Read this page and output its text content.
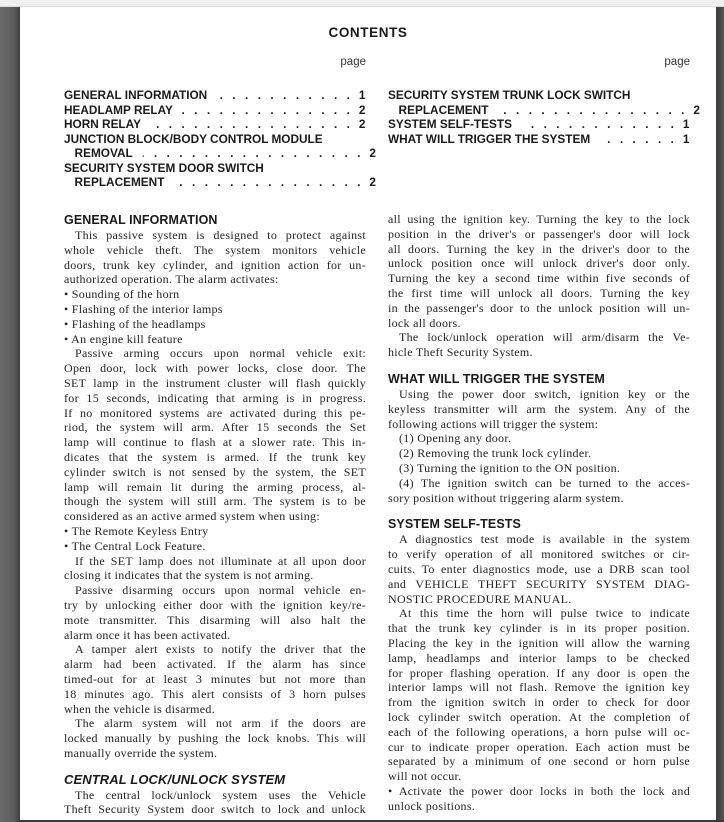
CONTENTS
page	page
GENERAL INFORMATION . . .	1
HEADLAMP RELAY . . .	2
HORN RELAY . . .	2
JUNCTION BLOCK/BODY CONTROL MODULE
REMOVAL . . .	2
SECURITY SYSTEM DOOR SWITCH
REPLACEMENT . . .	2
SECURITY SYSTEM TRUNK LOCK SWITCH
REPLACEMENT . . .	2
SYSTEM SELF-TESTS . . .	1
WHAT WILL TRIGGER THE SYSTEM . . .	1
GENERAL INFORMATION
This passive system is designed to protect against
whole vehicle theft. The system monitors vehicle
doors, trunk key cylinder, and ignition action for un-
authorized operation. The alarm activates:
• Sounding of the horn
• Flashing of the interior lamps
• Flashing of the headlamps
• An engine kill feature
Passive arming occurs upon normal vehicle exit:
Open door, lock with power locks, close door. The
SET lamp in the instrument cluster will flash quickly
for 15 seconds, indicating that arming is in progress.
If no monitored systems are activated during this pe-
riod, the system will arm. After 15 seconds the Set
lamp will continue to flash at a slower rate. This in-
dicates that the system is armed. If the trunk key
cylinder switch is not sensed by the system, the SET
lamp will remain lit during the arming process, al-
though the system will still arm. The system is to be
considered as an active armed system when using:
• The Remote Keyless Entry
• The Central Lock Feature.
If the SET lamp does not illuminate at all upon door
closing it indicates that the system is not arming.
Passive disarming occurs upon normal vehicle en-
try by unlocking either door with the ignition key/re-
mote transmitter. This disarming will also halt the
alarm once it has been activated.
A tamper alert exists to notify the driver that the
alarm had been activated. If the alarm has since
timed-out for at least 3 minutes but not more than
18 minutes ago. This alert consists of 3 horn pulses
when the vehicle is disarmed.
The alarm system will not arm if the doors are
locked manually by pushing the lock knobs. This will
manually override the system.
CENTRAL LOCK/UNLOCK SYSTEM
The central lock/unlock system uses the Vehicle
Theft Security System door switch to lock and unlock
all using the ignition key. Turning the key to the lock
position in the driver's or passenger's door will lock
all doors. Turning the key in the driver's door to the
unlock position once will unlock driver's door only.
Turning the key a second time within five seconds of
the first time will unlock all doors. Turning the key
in the passenger's door to the unlock position will un-
lock all doors.
The lock/unlock operation will arm/disarm the Ve-
hicle Theft Security System.
WHAT WILL TRIGGER THE SYSTEM
Using the power door switch, ignition key or the
keyless transmitter will arm the system. Any of the
following actions will trigger the system:
(1) Opening any door.
(2) Removing the trunk lock cylinder.
(3) Turning the ignition to the ON position.
(4) The ignition switch can be turned to the acces-
sory position without triggering alarm system.
SYSTEM SELF-TESTS
A diagnostics test mode is available in the system
to verify operation of all monitored switches or cir-
cuits. To enter diagnostics mode, use a DRB scan tool
and VEHICLE THEFT SECURITY SYSTEM DIAG-
NOSTIC PROCEDURE MANUAL.
At this time the horn will pulse twice to indicate
that the trunk key cylinder is in its proper position.
Placing the key in the ignition will allow the warning
lamp, headlamps and interior lamps to be checked
for proper flashing operation. If any door is open the
interior lamps will not flash. Remove the ignition key
from the ignition switch in order to check for door
lock cylinder switch operation. At the completion of
each of the following operations, a horn pulse will oc-
cur to indicate proper operation. Each action must be
separated by a minimum of one second or horn pulse
will not occur.
• Activate the power door locks in both the lock and
unlock positions.
